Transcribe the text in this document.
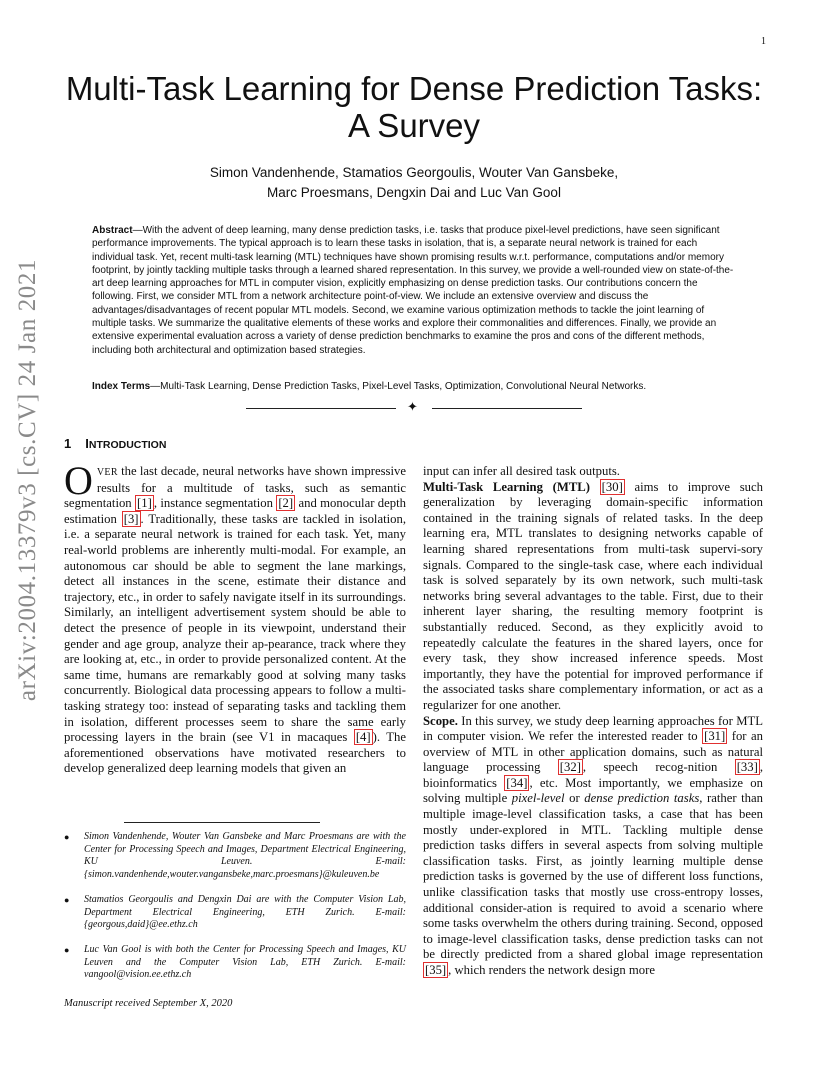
1
Multi-Task Learning for Dense Prediction Tasks:
A Survey
Simon Vandenhende, Stamatios Georgoulis, Wouter Van Gansbeke,
Marc Proesmans, Dengxin Dai and Luc Van Gool
Abstract—With the advent of deep learning, many dense prediction tasks, i.e. tasks that produce pixel-level predictions, have seen significant performance improvements. The typical approach is to learn these tasks in isolation, that is, a separate neural network is trained for each individual task. Yet, recent multi-task learning (MTL) techniques have shown promising results w.r.t. performance, computations and/or memory footprint, by jointly tackling multiple tasks through a learned shared representation. In this survey, we provide a well-rounded view on state-of-the-art deep learning approaches for MTL in computer vision, explicitly emphasizing on dense prediction tasks. Our contributions concern the following. First, we consider MTL from a network architecture point-of-view. We include an extensive overview and discuss the advantages/disadvantages of recent popular MTL models. Second, we examine various optimization methods to tackle the joint learning of multiple tasks. We summarize the qualitative elements of these works and explore their commonalities and differences. Finally, we provide an extensive experimental evaluation across a variety of dense prediction benchmarks to examine the pros and cons of the different methods, including both architectural and optimization based strategies.
Index Terms—Multi-Task Learning, Dense Prediction Tasks, Pixel-Level Tasks, Optimization, Convolutional Neural Networks.
✦
arXiv:2004.13379v3 [cs.CV] 24 Jan 2021 1 INTRODUCTION

OVER the last decade, neural networks have shown impressive results for a multitude of tasks, such as semantic segmentation [1] , instance segmentation [2] and monocular depth estimation [3] . Traditionally, these tasks are tackled in isolation, i.e. a separate neural network is trained for each task. Yet, many real-world problems are inherently multi-modal. For example, an autonomous car should be able to segment the lane markings, detect all instances in the scene, estimate their distance and trajectory, etc., in order to safely navigate itself in its surroundings. Similarly, an intelligent advertisement system should be able to detect the presence of people in its viewpoint, understand their gender and age group, analyze their ap-pearance, track where they are looking at, etc., in order to provide personalized content. At the same time, humans are remarkably good at solving many tasks concurrently. Biological data processing appears to follow a multi-tasking strategy too: instead of separating tasks and tackling them in isolation, different processes seem to share the same early processing layers in the brain (see V1 in macaques [4] ). The aforementioned observations have motivated researchers to develop generalized deep learning models that given an

input can infer all desired task outputs.

Multi-Task Learning (MTL) [30] aims to improve such generalization by leveraging domain-specific information contained in the training signals of related tasks. In the deep learning era, MTL translates to designing networks capable of learning shared representations from multi-task supervi-sory signals. Compared to the single-task case, where each individual task is solved separately by its own network, such multi-task networks bring several advantages to the table. First, due to their inherent layer sharing, the resulting memory footprint is substantially reduced. Second, as they explicitly avoid to repeatedly calculate the features in the shared layers, once for every task, they show increased inference speeds. Most importantly, they have the potential for improved performance if the associated tasks share complementary information, or act as a regularizer for one another.

Scope. In this survey, we study deep learning approaches for MTL in computer vision. We refer the interested reader to [31] for an overview of MTL in other application domains, such as natural language processing [32] , speech recog-nition [33] , bioinformatics [34] , etc. Most importantly, we emphasize on solving multiple pixel-level or dense prediction tasks, rather than multiple image-level classification tasks, a case that has been mostly under-explored in MTL. Tackling multiple dense prediction tasks differs in several aspects from solving multiple classification tasks. First, as jointly learning multiple dense prediction tasks is governed by the use of different loss functions, unlike classification tasks that mostly use cross-entropy losses, additional consider-ation is required to avoid a scenario where some tasks overwhelm the others during training. Second, opposed to image-level classification tasks, dense prediction tasks can not be directly predicted from a shared global image representation [35] , which renders the network design more

● Simon Vandenhende, Wouter Van Gansbeke and Marc Proesmans are with the Center for Processing Speech and Images, Department Electrical Engineering, KU Leuven. E-mail: {simon.vandenhende,wouter.vangansbeke,marc.proesmans}@kuleuven.be
● Stamatios Georgoulis and Dengxin Dai are with the Computer Vision Lab, Department Electrical Engineering, ETH Zurich. E-mail: {georgous,daid}@ee.ethz.ch
● Luc Van Gool is with both the Center for Processing Speech and Images, KU Leuven and the Computer Vision Lab, ETH Zurich. E-mail: vangool@vision.ee.ethz.ch
Manuscript received September X, 2020
